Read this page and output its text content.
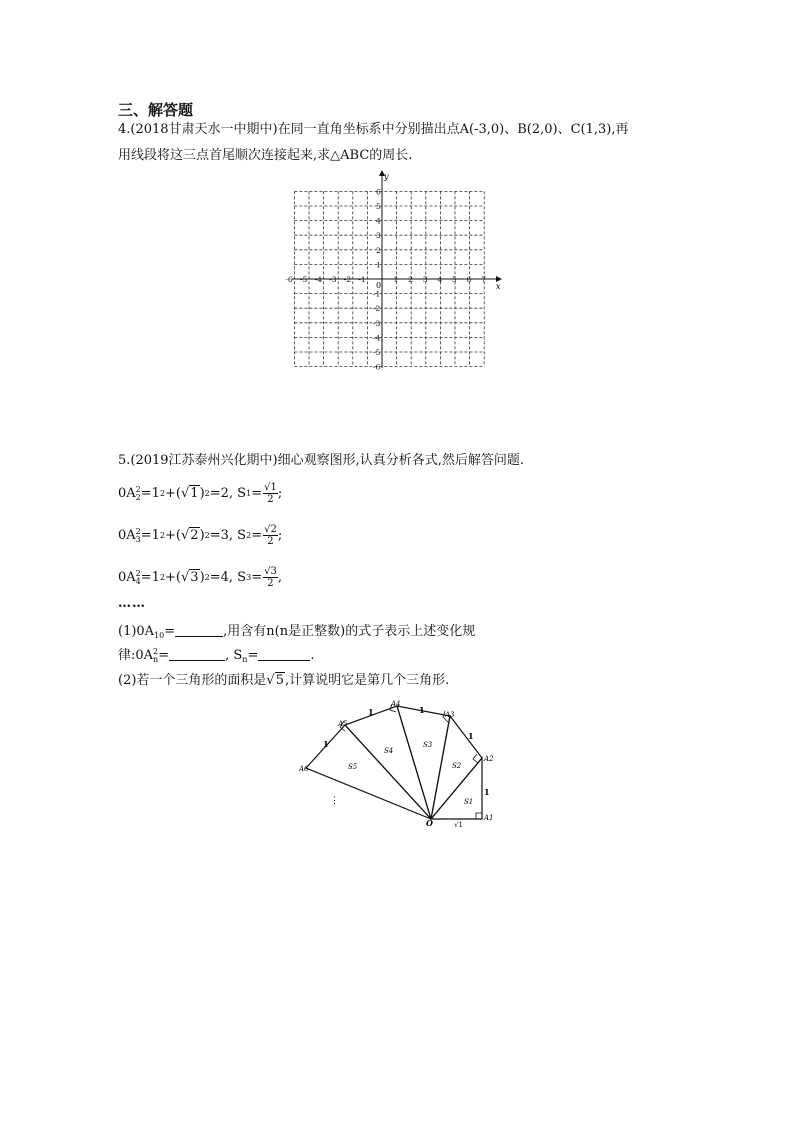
三、解答题
4.(2018甘肃天水一中期中)在同一直角坐标系中分别描出点A(-3,0)、B(2,0)、C(1,3),再
用线段将这三点首尾顺次连接起来,求△ABC的周长.
x
y
0
-6 -5 -4 -3 -2 -1	1 2 3 4 5 6 7
6
5
4
3
2
1
-1
-2
-3
-4
-5
-6
5.(2019江苏泰州兴化期中)细心观察图形,认真分析各式,然后解答问题.
0A 2
2 =1 2 +( √1 ) 2 =2, S $1 = \frac{√1}{2}$ ;
0A 2
3 =1 2 +( √2 ) 2 =3, S $2 = \frac{√2}{2}$ ;
0A 2
4 =1 2 +( √3 ) 2 =4, S $3 = \frac{√3}{2}$ ,
……
$(1)0A_{10}=$	,用含有n(n是正整数)的式子表示上述变化规
律:0A 2
n =	, $S_n=$	.
(2)若一个三角形的面积是√5,计算说明它是第几个三角形.
O	A1
A2
A3
A4
A5
A6
S1
S2
S3
S4
S5
1
1
1
1
1
√1
⋮
